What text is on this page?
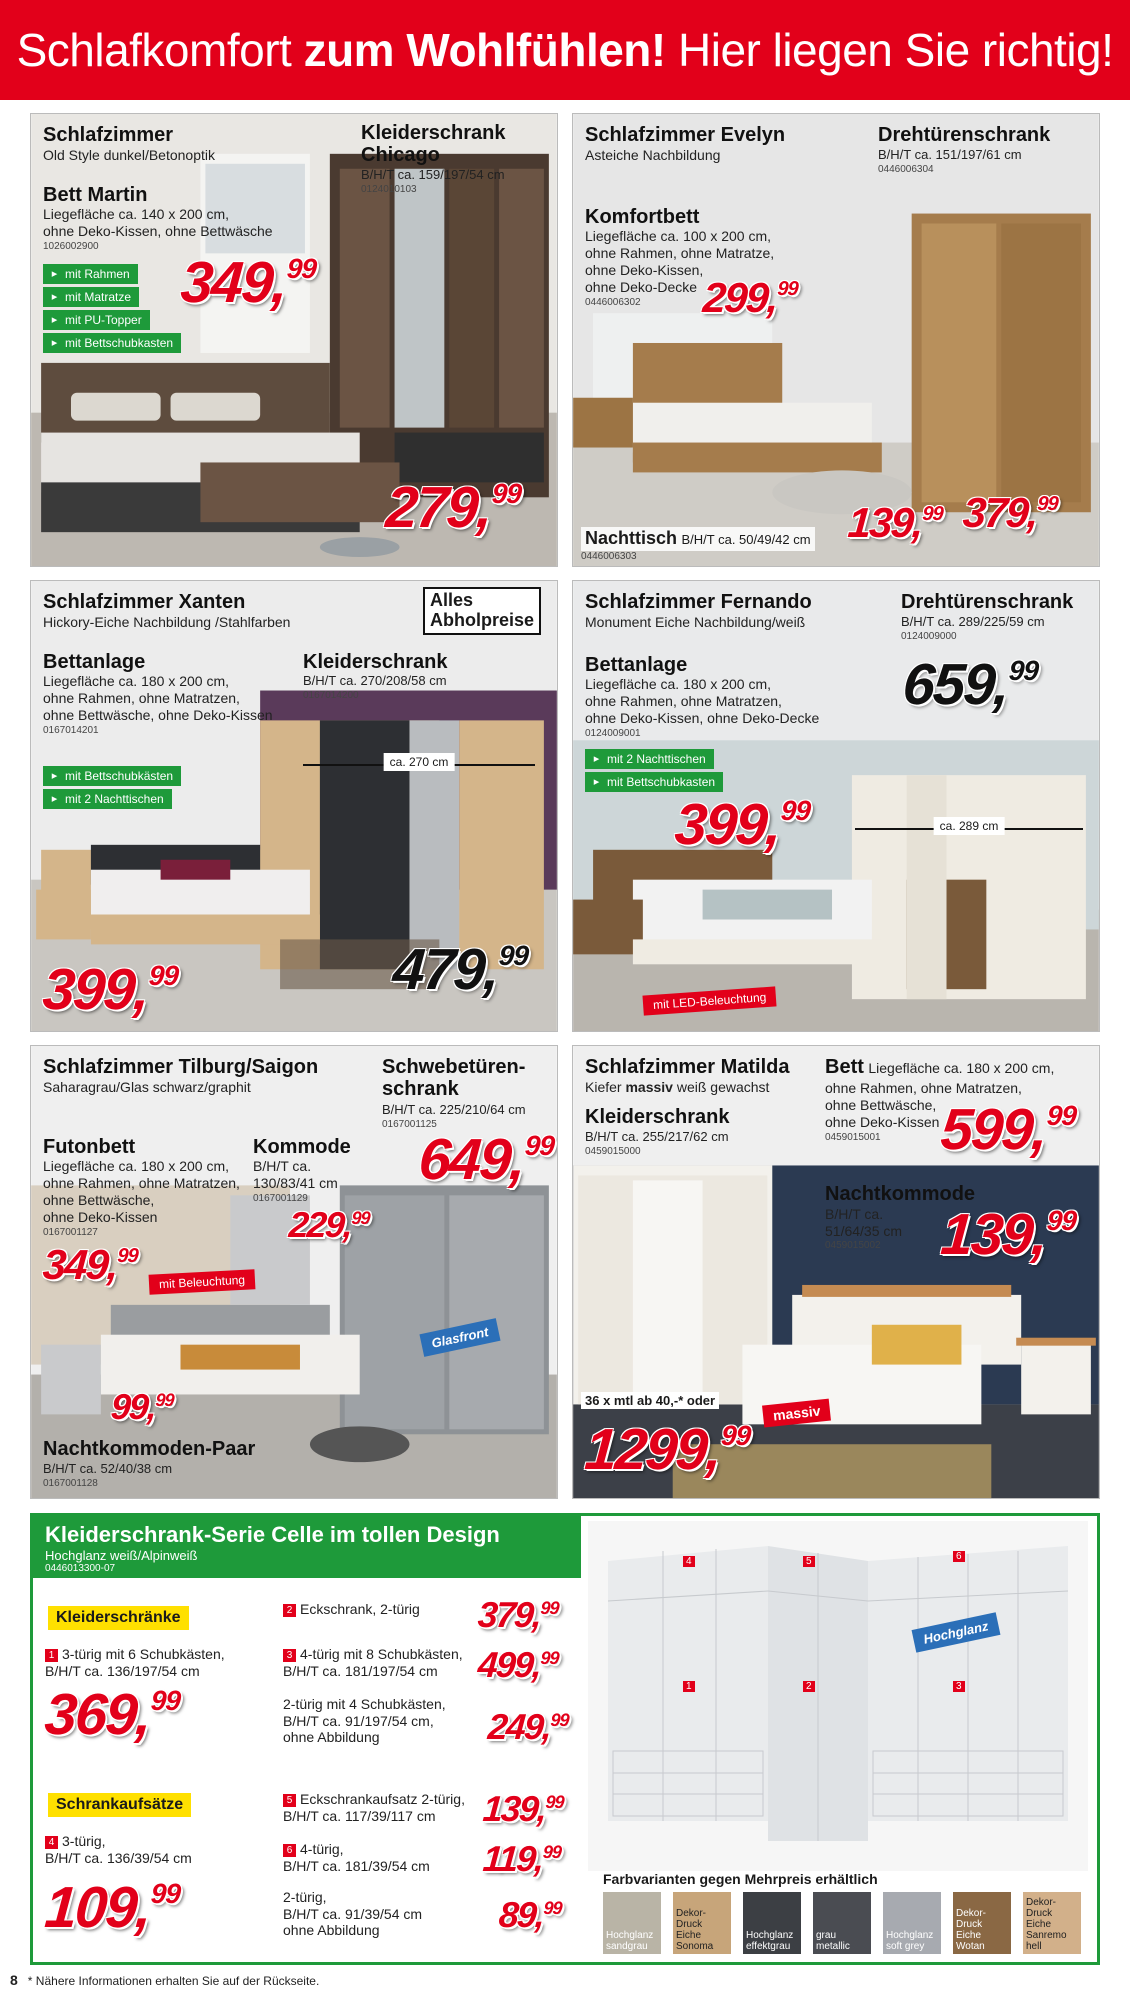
Schlafkomfort zum Wohlfühlen! Hier liegen Sie richtig!
Schlafzimmer
Old Style dunkel/Betonoptik
Bett Martin
Liegefläche ca. 140 x 200 cm,
ohne Deko-Kissen, ohne Bettwäsche
1026002900
▸ mit Rahmen
▸ mit Matratze
▸ mit PU-Topper
▸ mit Bettschubkasten
349,99
Kleiderschrank
Chicago
B/H/T ca. 159/197/54 cm
0124010103
279,99
Schlafzimmer Evelyn
Asteiche Nachbildung
Drehtürenschrank
B/H/T ca. 151/197/61 cm
0446006304
Komfortbett
Liegefläche ca. 100 x 200 cm,
ohne Rahmen, ohne Matratze,
ohne Deko-Kissen,
ohne Deko-Decke
0446006302 299,99
Nachttisch B/H/T ca. 50/49/42 cm
0446006303
139,99 379,99
Schlafzimmer Xanten
Hickory-Eiche Nachbildung /Stahlfarben
Alles
Abholpreise
Bettanlage
Liegefläche ca. 180 x 200 cm,
ohne Rahmen, ohne Matratzen,
ohne Bettwäsche, ohne Deko-Kissen
0167014201
▸ mit Bettschubkästen
▸ mit 2 Nachttischen
Kleiderschrank
B/H/T ca. 270/208/58 cm
0167014200
ca. 270 cm
399,99	479,99
Schlafzimmer Fernando
Monument Eiche Nachbildung/weiß
Drehtürenschrank
B/H/T ca. 289/225/59 cm
0124009000
659,99
Bettanlage
Liegefläche ca. 180 x 200 cm,
ohne Rahmen, ohne Matratzen,
ohne Deko-Kissen, ohne Deko-Decke
0124009001
▸ mit 2 Nachttischen
▸ mit Bettschubkasten
399,99	ca. 289 cm
mit LED-Beleuchtung
Schlafzimmer Tilburg/Saigon
Saharagrau/Glas schwarz/graphit
Schwebetüren-
schrank
B/H/T ca. 225/210/64 cm
0167001125
649,99
Futonbett
Liegefläche ca. 180 x 200 cm,
ohne Rahmen, ohne Matratzen,
ohne Bettwäsche,
ohne Deko-Kissen
0167001127
349,99
mit Beleuchtung
Kommode
B/H/T ca.
130/83/41 cm
0167001129
229,99
Glasfront
99,99
Nachtkommoden-Paar
B/H/T ca. 52/40/38 cm
0167001128
Schlafzimmer Matilda
Kiefer massiv weiß gewachst
Kleiderschrank
B/H/T ca. 255/217/62 cm
0459015000
Bett Liegefläche ca. 180 x 200 cm,
ohne Rahmen, ohne Matratzen,
ohne Bettwäsche,
ohne Deko-Kissen
0459015001 599,99
Nachtkommode
B/H/T ca.
51/64/35 cm
0459015002 139,99
36 x mtl ab 40,-* oder
1299,99
massiv
Kleiderschrank-Serie Celle im tollen Design
Hochglanz weiß/Alpinweiß
0446013300-07
Kleiderschränke
1 3-türig mit 6 Schubkästen,
B/H/T ca. 136/197/54 cm
369,99
2 Eckschrank, 2-türig 379,99
3 4-türig mit 8 Schubkästen,
B/H/T ca. 181/197/54 cm	499,99
2-türig mit 4 Schubkästen,
B/H/T ca. 91/197/54 cm,
ohne Abbildung	249,99
Schrankaufsätze
4 3-türig,
B/H/T ca. 136/39/54 cm
109,99
5 Eckschrankaufsatz 2-türig,
B/H/T ca. 117/39/117 cm	139,99
6 4-türig,
B/H/T ca. 181/39/54 cm 119,99
2-türig,
B/H/T ca. 91/39/54 cm
ohne Abbildung	89,99
4	5	6
1	2	3
Hochglanz
Farbvarianten gegen Mehrpreis erhältlich
Hochglanz
sandgrau
Dekor-
Druck
Eiche
Sonoma
Hochglanz
effektgrau
grau
metallic
Hochglanz
soft grey
Dekor-
Druck
Eiche
Wotan
Dekor-
Druck
Eiche
Sanremo hell
8 * Nähere Informationen erhalten Sie auf der Rückseite.
